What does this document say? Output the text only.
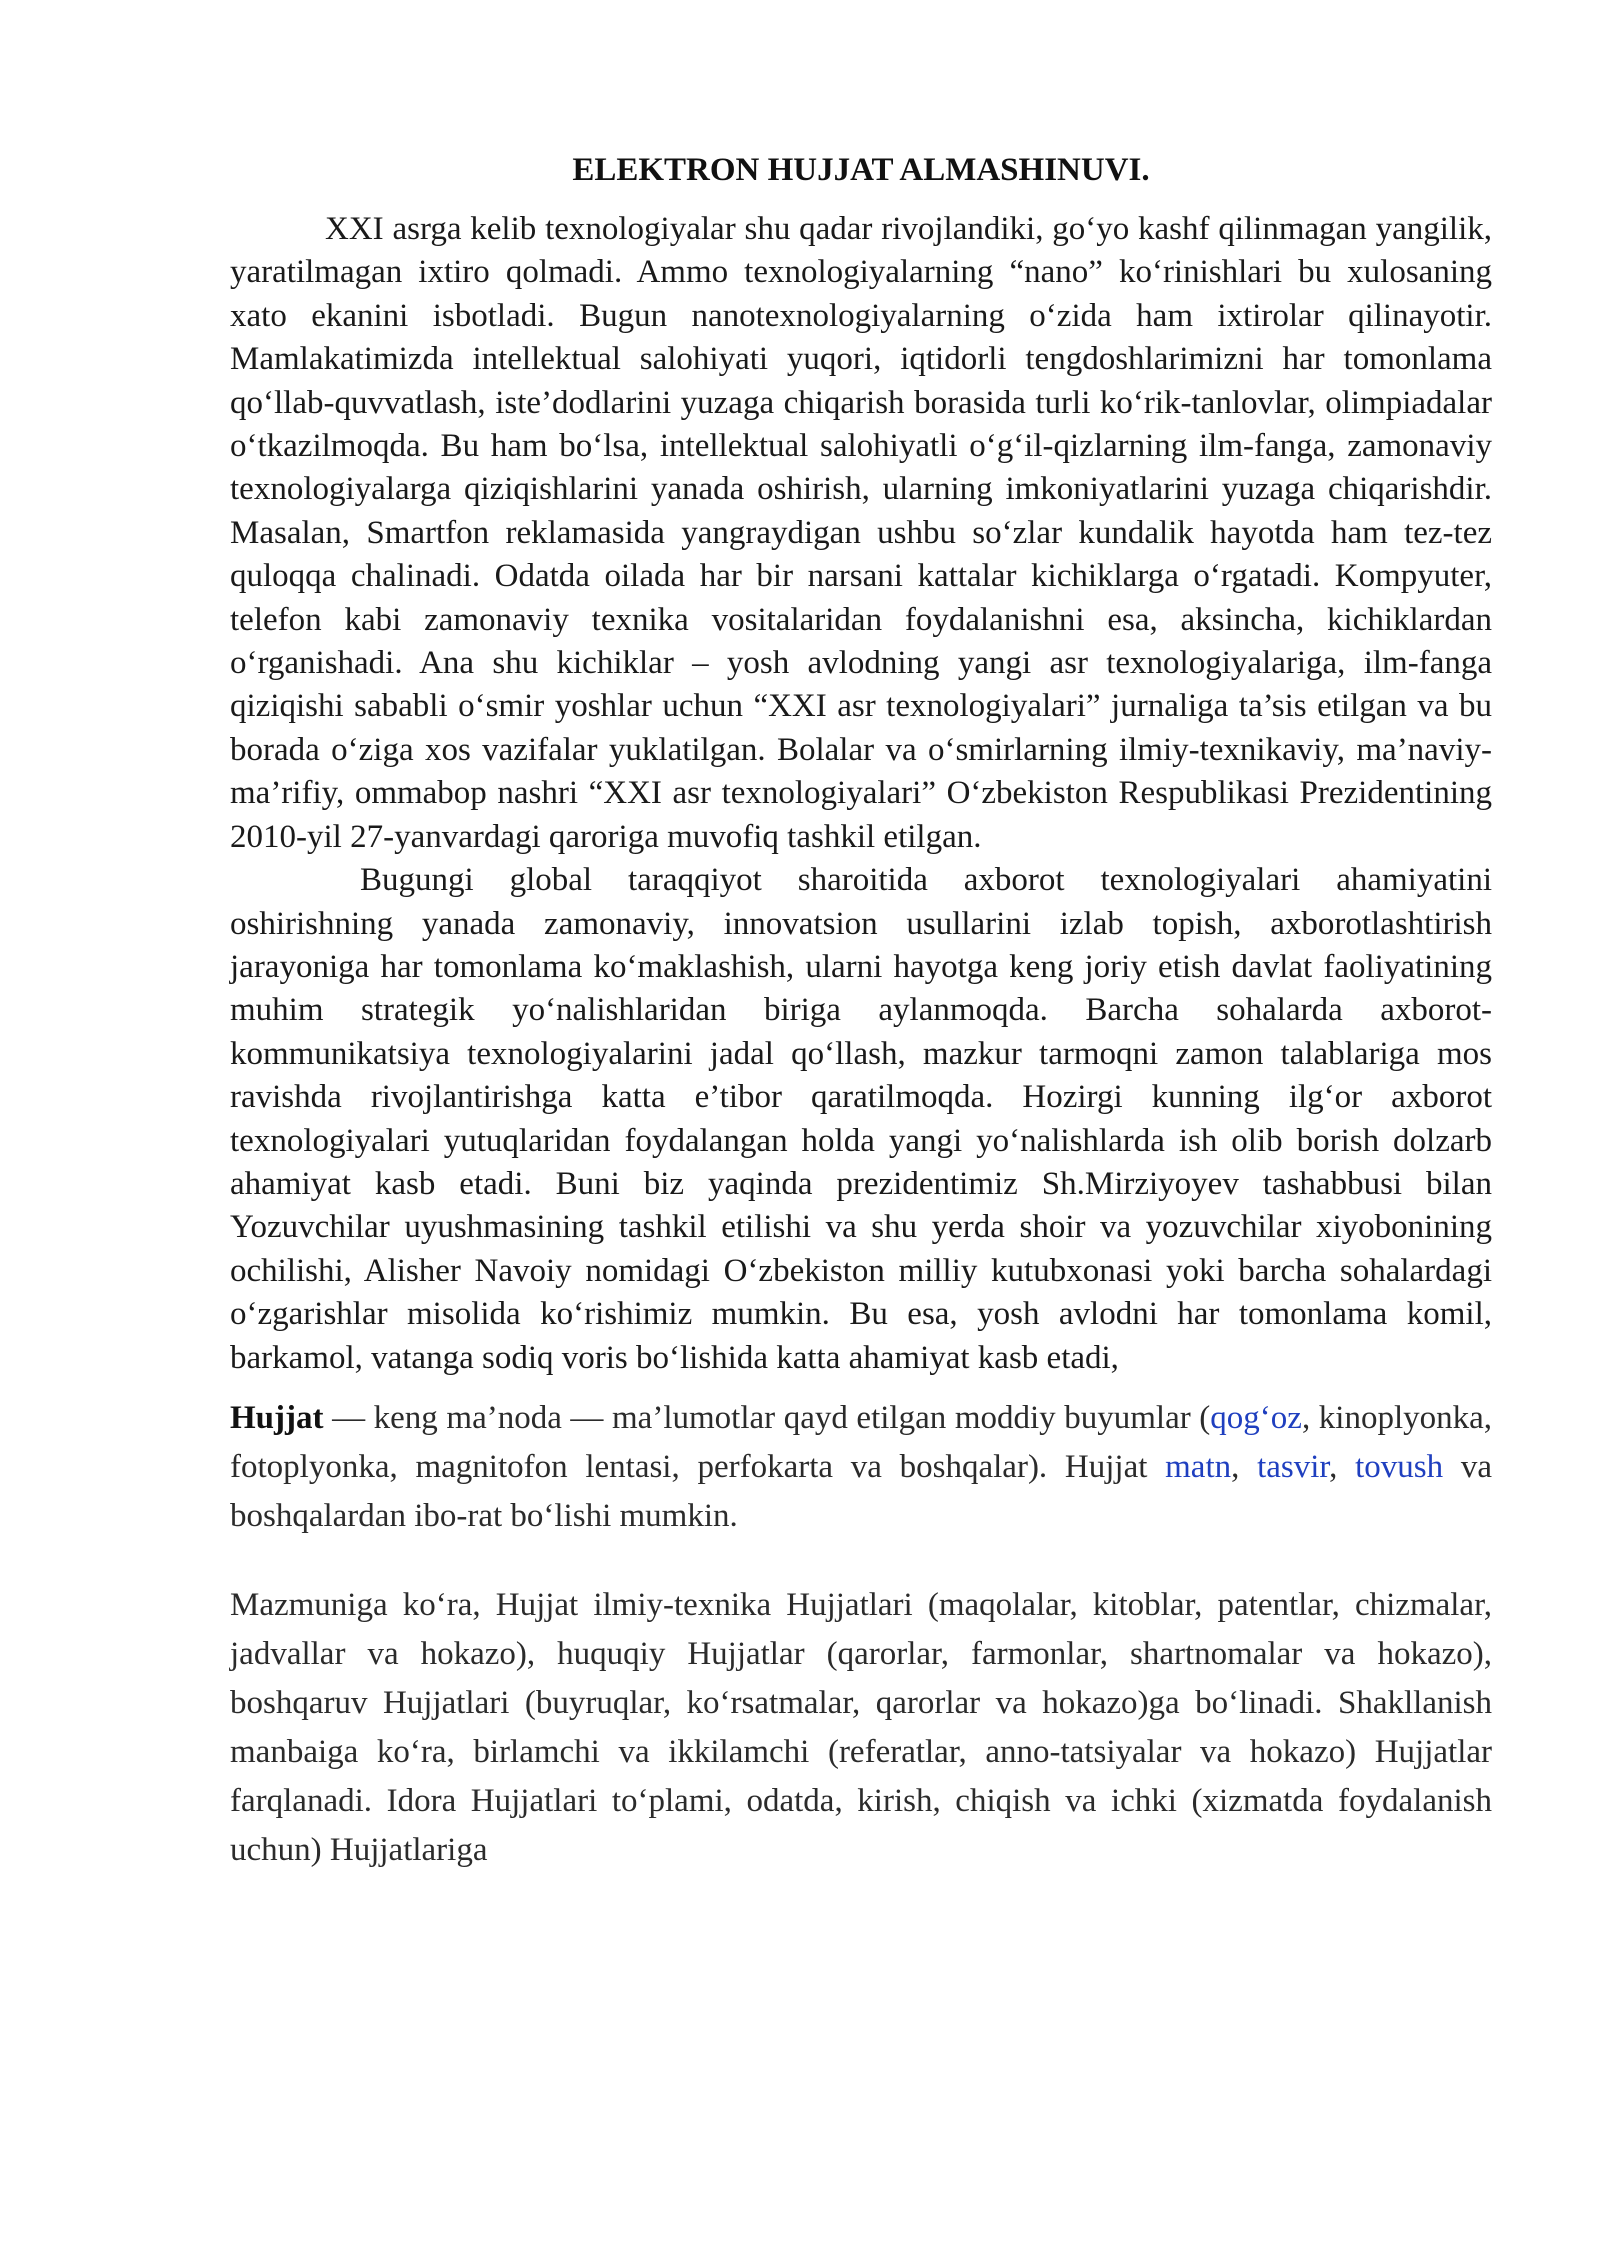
ELEKTRON HUJJAT ALMASHINUVI.

XXI asrga kelib texnologiyalar shu qadar rivojlandiki, go‘yo kashf qilinmagan yangilik, yaratilmagan ixtiro qolmadi. Ammo texnologiyalarning “nano” ko‘rinishlari bu xulosaning xato ekanini isbotladi. Bugun nanotexnologiyalarning o‘zida ham ixtirolar qilinayotir. Mamlakatimizda intellektual salohiyati yuqori, iqtidorli tengdoshlarimizni har tomonlama qo‘llab-quvvatlash, iste’dodlarini yuzaga chiqarish borasida turli ko‘rik-tanlovlar, olimpiadalar o‘tkazilmoqda. Bu ham bo‘lsa, intellektual salohiyatli o‘g‘il-qizlarning ilm-fanga, zamonaviy texnologiyalarga qiziqishlarini yanada oshirish, ularning imkoniyatlarini yuzaga chiqarishdir. Masalan, Smartfon reklamasida yangraydigan ushbu so‘zlar kundalik hayotda ham tez-tez quloqqa chalinadi. Odatda oilada har bir narsani kattalar kichiklarga o‘rgatadi. Kompyuter, telefon kabi zamonaviy texnika vositalaridan foydalanishni esa, aksincha, kichiklardan o‘rganishadi. Ana shu kichiklar – yosh avlodning yangi asr texnologiyalariga, ilm-fanga qiziqishi sababli o‘smir yoshlar uchun “XXI asr texnologiyalari” jurnaliga ta’sis etilgan va bu borada o‘ziga xos vazifalar yuklatilgan. Bolalar va o‘smirlarning ilmiy-texnikaviy, ma’naviy-ma’rifiy, ommabop nashri “XXI asr texnologiyalari” O‘zbekiston Respublikasi Prezidentining 2010-yil 27-yanvardagi qaroriga muvofiq tashkil etilgan.

Bugungi global taraqqiyot sharoitida axborot texnologiyalari ahamiyatini oshirishning yanada zamonaviy, innovatsion usullarini izlab topish, axborotlashtirish jarayoniga har tomonlama ko‘maklashish, ularni hayotga keng joriy etish davlat faoliyatining muhim strategik yo‘nalishlaridan biriga aylanmoqda. Barcha sohalarda axborot-kommunikatsiya texnologiyalarini jadal qo‘llash, mazkur tarmoqni zamon talablariga mos ravishda rivojlantirishga katta e’tibor qaratilmoqda. Hozirgi kunning ilg‘or axborot texnologiyalari yutuqlaridan foydalangan holda yangi yo‘nalishlarda ish olib borish dolzarb ahamiyat kasb etadi. Buni biz yaqinda prezidentimiz Sh.Mirziyoyev tashabbusi bilan Yozuvchilar uyushmasining tashkil etilishi va shu yerda shoir va yozuvchilar xiyobonining ochilishi, Alisher Navoiy nomidagi O‘zbekiston milliy kutubxonasi yoki barcha sohalardagi o‘zgarishlar misolida ko‘rishimiz mumkin. Bu esa, yosh avlodni har tomonlama komil, barkamol, vatanga sodiq voris bo‘lishida katta ahamiyat kasb etadi,

Hujjat — keng ma’noda — ma’lumotlar qayd etilgan moddiy buyumlar (qog‘oz, kinoplyonka, fotoplyonka, magnitofon lentasi, perfokarta va boshqalar). Hujjat matn, tasvir, tovush va boshqalardan ibo-rat bo‘lishi mumkin.

Mazmuniga ko‘ra, Hujjat ilmiy-texnika Hujjatlari (maqolalar, kitoblar, patentlar, chizmalar, jadvallar va hokazo), huquqiy Hujjatlar (qarorlar, farmonlar, shartnomalar va hokazo), boshqaruv Hujjatlari (buyruqlar, ko‘rsatmalar, qarorlar va hokazo)ga bo‘linadi. Shakllanish manbaiga ko‘ra, birlamchi va ikkilamchi (referatlar, anno-tatsiyalar va hokazo) Hujjatlar farqlanadi. Idora Hujjatlari to‘plami, odatda, kirish, chiqish va ichki (xizmatda foydalanish uchun) Hujjatlariga
